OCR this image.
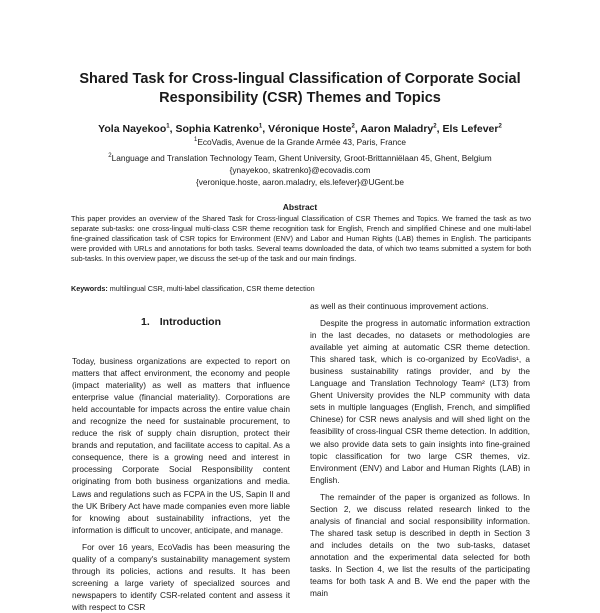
Shared Task for Cross-lingual Classification of Corporate Social Responsibility (CSR) Themes and Topics
Yola Nayekoo$^1$, Sophia Katrenko$^1$, Véronique Hoste$^2$, Aaron Maladry$^2$, Els Lefever$^2$
$^1$EcoVadis, Avenue de la Grande Armée 43, Paris, France
$^2$Language and Translation Technology Team, Ghent University, Groot-Brittanniëlaan 45, Ghent, Belgium
{ynayekoo, skatrenko}@ecovadis.com
{veronique.hoste, aaron.maladry, els.lefever}@UGent.be
Abstract
This paper provides an overview of the Shared Task for Cross-lingual Classification of CSR Themes and Topics. We framed the task as two separate sub-tasks: one cross-lingual multi-class CSR theme recognition task for English, French and simplified Chinese and one multi-label fine-grained classification task of CSR topics for Environment (ENV) and Labor and Human Rights (LAB) themes in English. The participants were provided with URLs and annotations for both tasks. Several teams downloaded the data, of which two teams submitted a system for both sub-tasks. In this overview paper, we discuss the set-up of the task and our main findings.
Keywords: multilingual CSR, multi-label classification, CSR theme detection
1. Introduction

Today, business organizations are expected to report on matters that affect environment, the economy and people (impact materiality) as well as matters that influence enterprise value (financial materiality). Corporations are held accountable for impacts across the entire value chain and recognize the need for sustainable procurement, to reduce the risk of supply chain disruption, protect their brands and reputation, and facilitate access to capital. As a consequence, there is a growing need and interest in processing Corporate Social Responsibility content originating from both business organizations and media. Laws and regulations such as FCPA in the US, Sapin II and the UK Bribery Act have made companies even more liable for knowing about sustainability infractions, yet the information is difficult to uncover, anticipate, and manage.

For over 16 years, EcoVadis has been measuring the quality of a company's sustainability management system through its policies, actions and results. It has been screening a large variety of specialized sources and newspapers to identify CSR-related content and assess it with respect to CSR

as well as their continuous improvement actions.

Despite the progress in automatic information extraction in the last decades, no datasets or methodologies are available yet aiming at automatic CSR theme detection. This shared task, which is co-organized by EcoVadis¹, a business sustainability ratings provider, and by the Language and Translation Technology Team² (LT3) from Ghent University provides the NLP community with data sets in multiple languages (English, French, and simplified Chinese) for CSR news analysis and will shed light on the feasibility of cross-lingual CSR theme detection. In addition, we also provide data sets to gain insights into fine-grained topic classification for two large CSR themes, viz. Environment (ENV) and Labor and Human Rights (LAB) in English.

The remainder of the paper is organized as follows. In Section 2, we discuss related research linked to the analysis of financial and social responsibility information. The shared task setup is described in depth in Section 3 and includes details on the two sub-tasks, dataset annotation and the experimental data selected for both tasks. In Section 4, we list the results of the participating teams for both task A and B. We end the paper with the main
